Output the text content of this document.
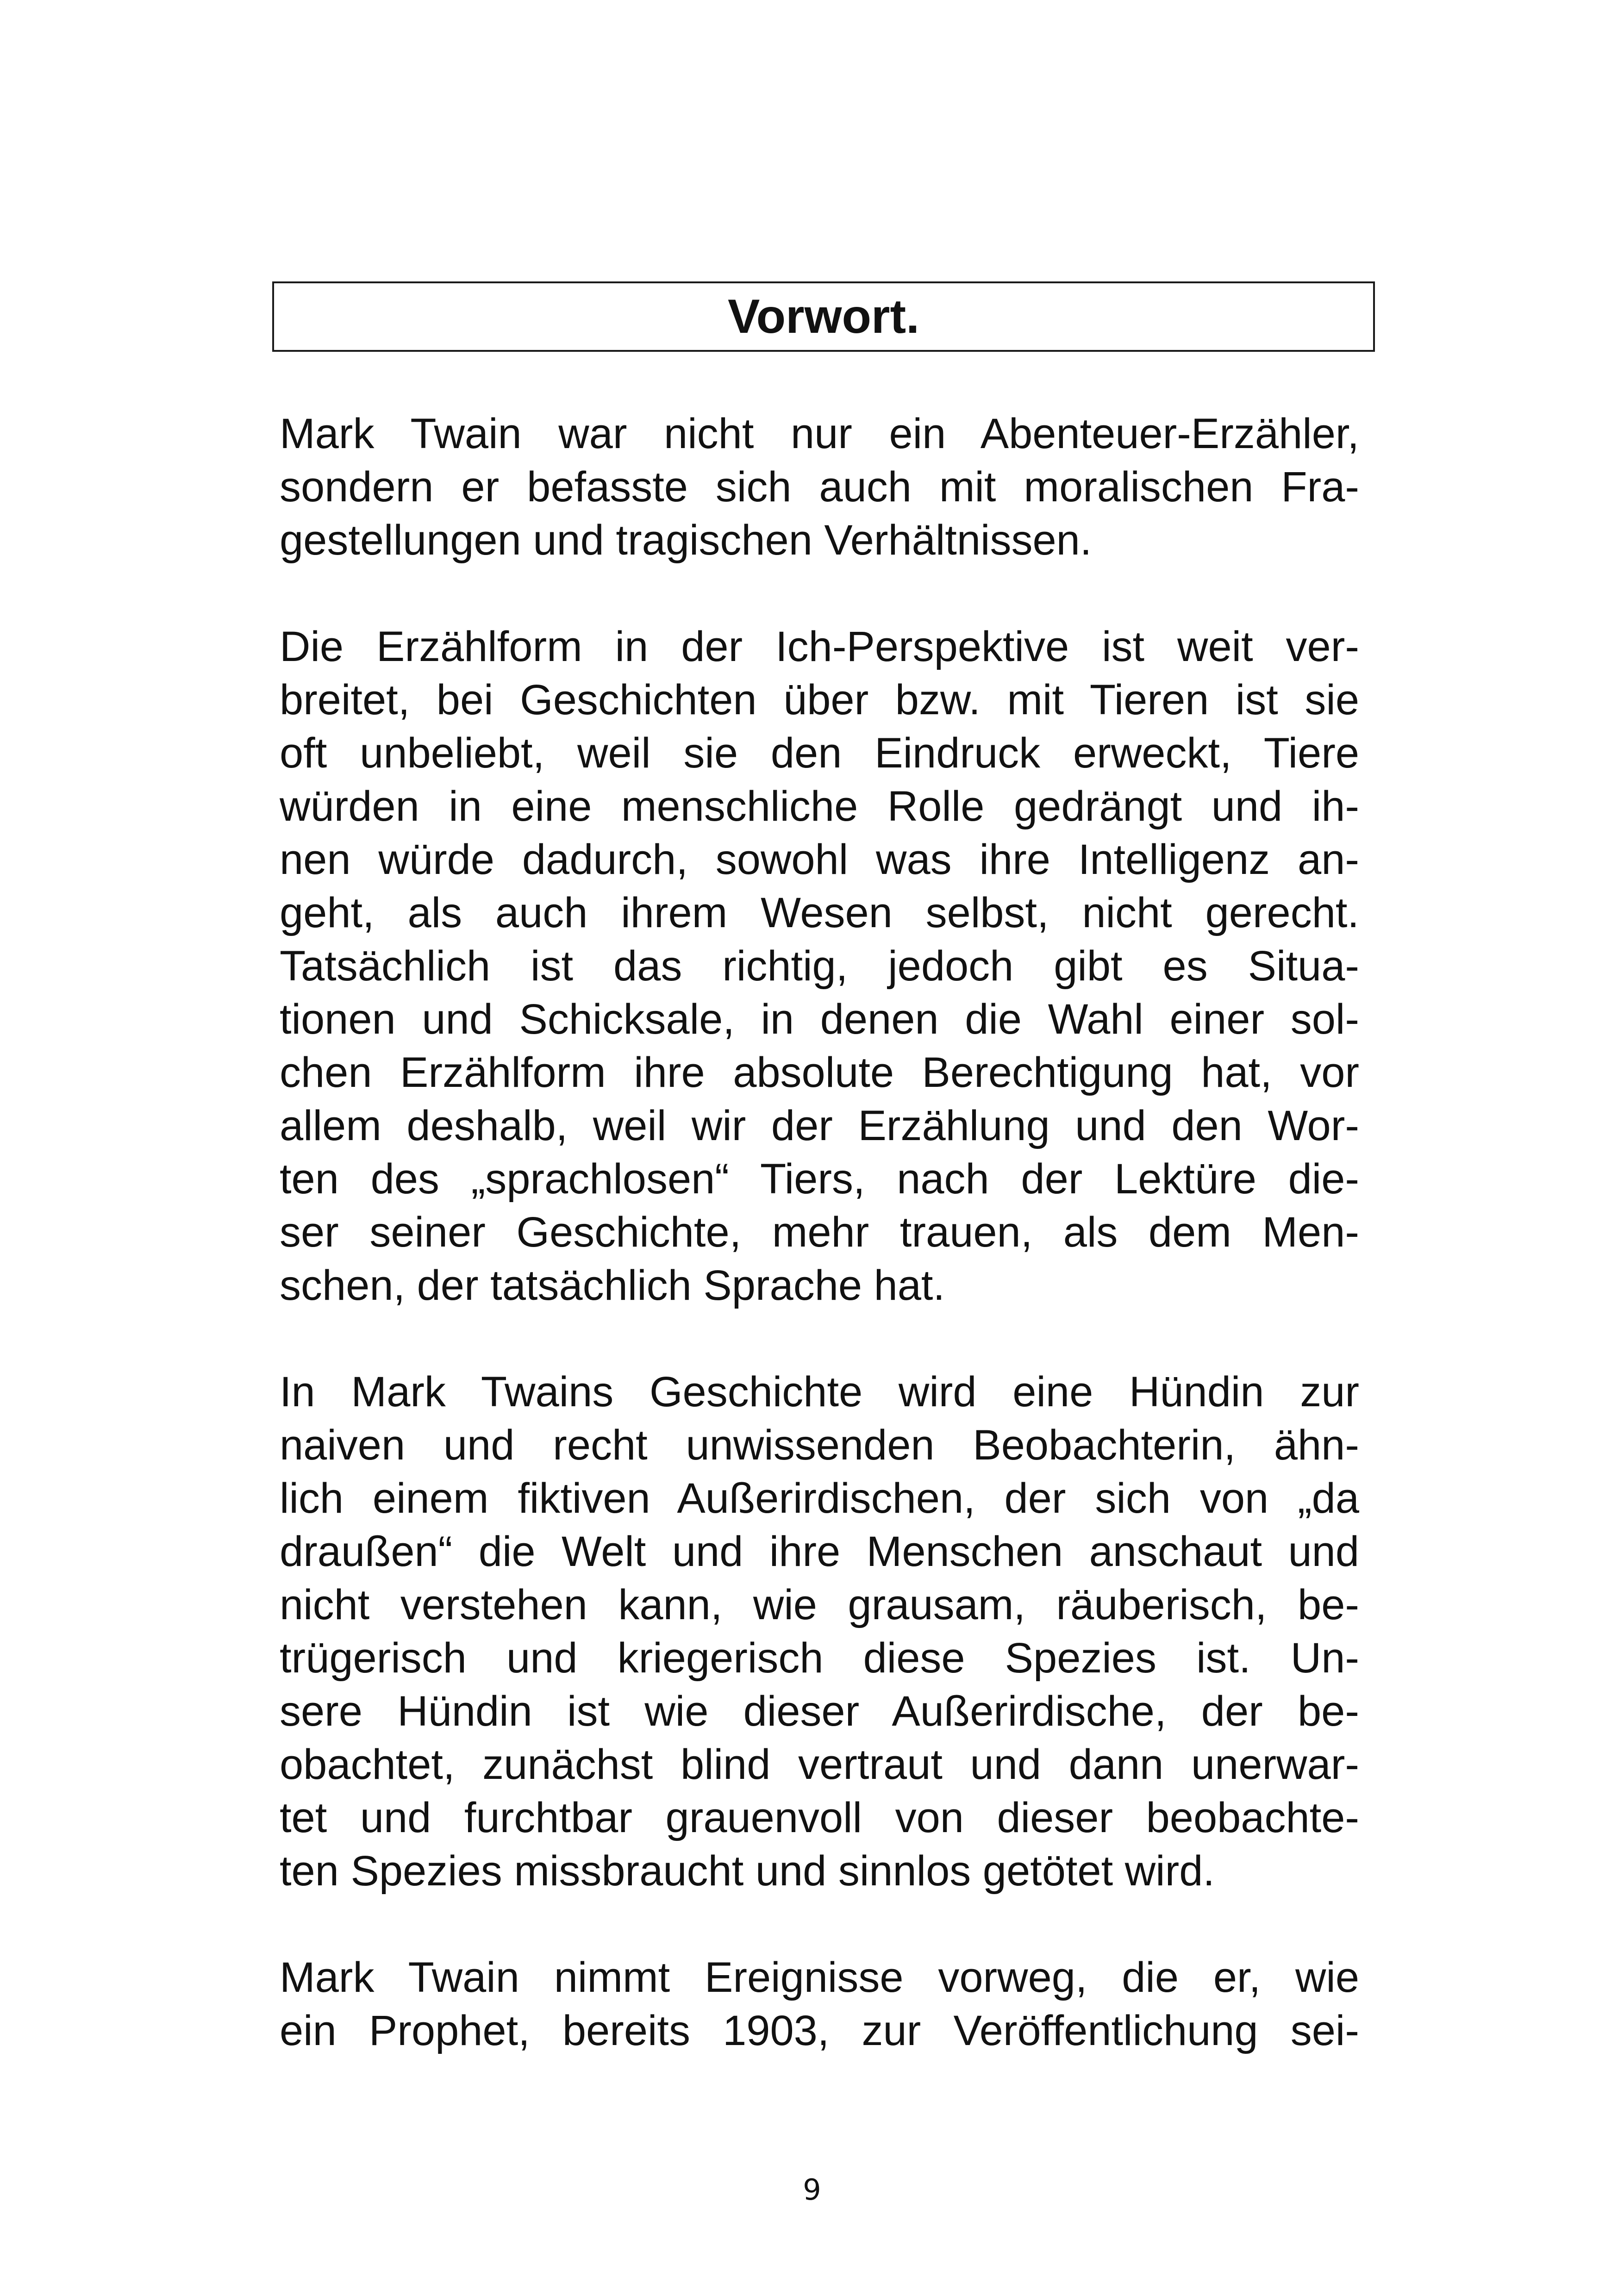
Vorwort.
Mark Twain war nicht nur ein Abenteuer-Erzähler,
sondern er befasste sich auch mit moralischen Fra-
gestellungen und tragischen Verhältnissen.
Die Erzählform in der Ich-Perspektive ist weit ver-
breitet, bei Geschichten über bzw. mit Tieren ist sie
oft unbeliebt, weil sie den Eindruck erweckt, Tiere
würden in eine menschliche Rolle gedrängt und ih-
nen würde dadurch, sowohl was ihre Intelligenz an-
geht, als auch ihrem Wesen selbst, nicht gerecht.
Tatsächlich ist das richtig, jedoch gibt es Situa-
tionen und Schicksale, in denen die Wahl einer sol-
chen Erzählform ihre absolute Berechtigung hat, vor
allem deshalb, weil wir der Erzählung und den Wor-
ten des „sprachlosen“ Tiers, nach der Lektüre die-
ser seiner Geschichte, mehr trauen, als dem Men-
schen, der tatsächlich Sprache hat.
In Mark Twains Geschichte wird eine Hündin zur
naiven und recht unwissenden Beobachterin, ähn-
lich einem fiktiven Außerirdischen, der sich von „da
draußen“ die Welt und ihre Menschen anschaut und
nicht verstehen kann, wie grausam, räuberisch, be-
trügerisch und kriegerisch diese Spezies ist. Un-
sere Hündin ist wie dieser Außerirdische, der be-
obachtet, zunächst blind vertraut und dann unerwar-
tet und furchtbar grauenvoll von dieser beobachte-
ten Spezies missbraucht und sinnlos getötet wird.
Mark Twain nimmt Ereignisse vorweg, die er, wie
ein Prophet, bereits 1903, zur Veröffentlichung sei-
9
